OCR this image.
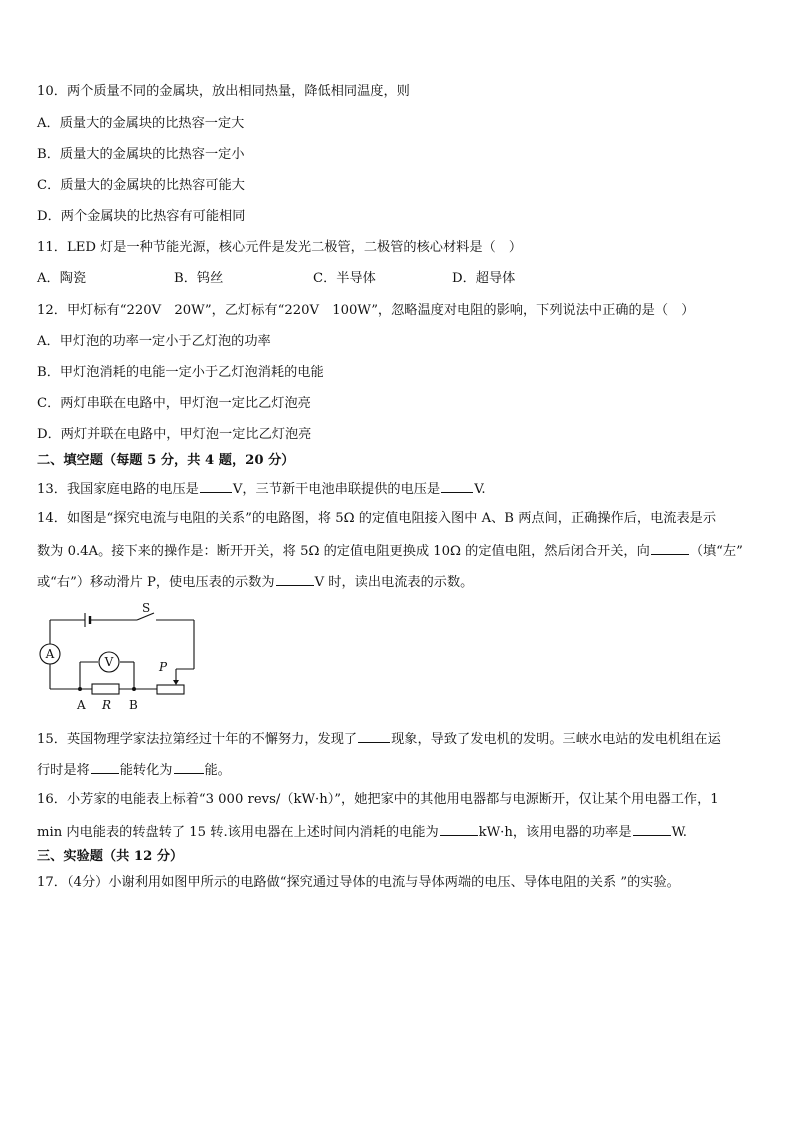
10．两个质量不同的金属块，放出相同热量，降低相同温度，则
A．质量大的金属块的比热容一定大
B．质量大的金属块的比热容一定小
C．质量大的金属块的比热容可能大
D．两个金属块的比热容有可能相同
11．LED 灯是一种节能光源，核心元件是发光二极管，二极管的核心材料是（　）
A．陶瓷	B．钨丝	C．半导体	D．超导体
12．甲灯标有“220V　20W”，乙灯标有“220V　100W”，忽略温度对电阻的影响，下列说法中正确的是（　）
A．甲灯泡的功率一定小于乙灯泡的功率
B．甲灯泡消耗的电能一定小于乙灯泡消耗的电能
C．两灯串联在电路中，甲灯泡一定比乙灯泡亮
D．两灯并联在电路中，甲灯泡一定比乙灯泡亮
二、填空题（每题 5 分，共 4 题，20 分）
13．我国家庭电路的电压是	V，三节新干电池串联提供的电压是	V.
14．如图是“探究电流与电阻的关系”的电路图，将 5Ω 的定值电阻接入图中 A、B 两点间，正确操作后，电流表是示
数为 0.4A。接下来的操作是：断开开关，将 5Ω 的定值电阻更换成 10Ω 的定值电阻，然后闭合开关，向	（填“左”
或“右”）移动滑片 P，使电压表的示数为	V 时，读出电流表的示数。
A
V
S
P
A R B
15．英国物理学家法拉第经过十年的不懈努力，发现了	现象，导致了发电机的发明。三峡水电站的发电机组在运
行时是将 能转化为 能。
16．小芳家的电能表上标着“3 000 revs/（kW·h）”，她把家中的其他用电器都与电源断开，仅让某个用电器工作，1
min 内电能表的转盘转了 15 转.该用电器在上述时间内消耗的电能为	kW·h，该用电器的功率是	W.
三、实验题（共 12 分）
17．（4分）小谢利用如图甲所示的电路做“探究通过导体的电流与导体两端的电压、导体电阻的关系 ”的实验。
